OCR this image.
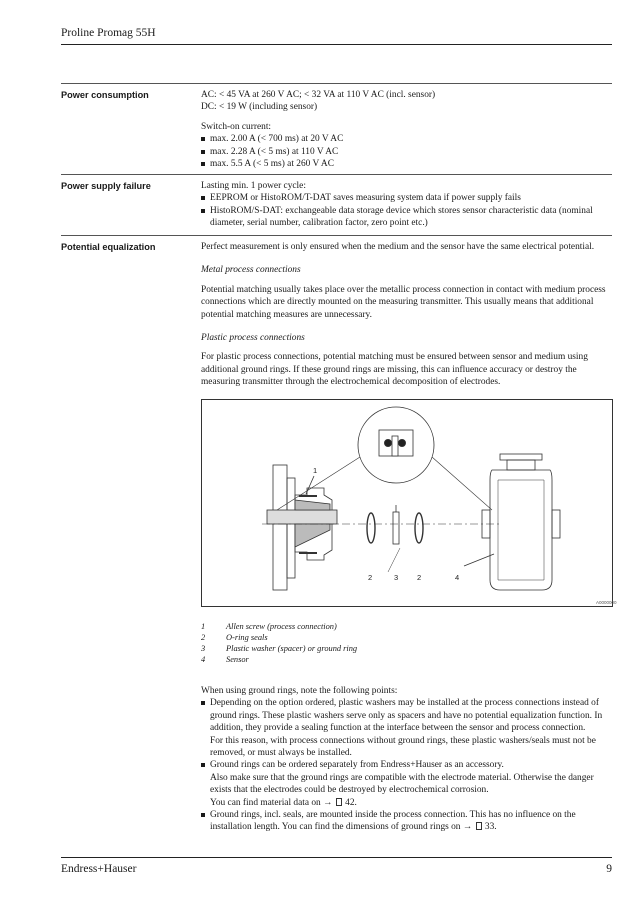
Proline Promag 55H
Power consumption	AC: < 45 VA at 260 V AC; < 32 VA at 110 V AC (incl. sensor)

DC: < 19 W (including sensor)

Switch-on current:

max. 2.00 A (< 700 ms) at 20 V AC
max. 2.28 A (< 5 ms) at 110 V AC
max. 5.5 A (< 5 ms) at 260 V AC
Power supply failure	Lasting min. 1 power cycle:

EEPROM or HistoROM/T-DAT saves measuring system data if power supply fails
HistoROM/S-DAT: exchangeable data storage device which stores sensor characteristic data (nominal diameter, serial number, calibration factor, zero point etc.)
Potential equalization	Perfect measurement is only ensured when the medium and the sensor have the same electrical potential.

Metal process connections

Potential matching usually takes place over the metallic process connection in contact with medium process connections which are directly mounted on the measuring transmitter. This usually means that additional potential matching measures are unnecessary.

Plastic process connections

For plastic process connections, potential matching must be ensured between sensor and medium using additional ground rings. If these ground rings are missing, this can influence accuracy or destroy the measuring transmitter through the electrochemical decomposition of electrodes.

1
2	3	2	4
A0000000
1	Allen screw (process connection)
2	O-ring seals
3	Plastic washer (spacer) or ground ring
4	Sensor

When using ground rings, note the following points:

Depending on the option ordered, plastic washers may be installed at the process connections instead of ground rings. These plastic washers serve only as spacers and have no potential equalization function. In addition, they provide a sealing function at the interface between the sensor and process connection.
For this reason, with process connections without ground rings, these plastic washers/seals must not be removed, or must always be installed.
Ground rings can be ordered separately from Endress+Hauser as an accessory.
Also make sure that the ground rings are compatible with the electrode material. Otherwise the danger exists that the electrodes could be destroyed by electrochemical corrosion.
You can find material data on → 42.
Ground rings, incl. seals, are mounted inside the process connection. This has no influence on the installation length. You can find the dimensions of ground rings on → 33.
Endress+Hauser	9
